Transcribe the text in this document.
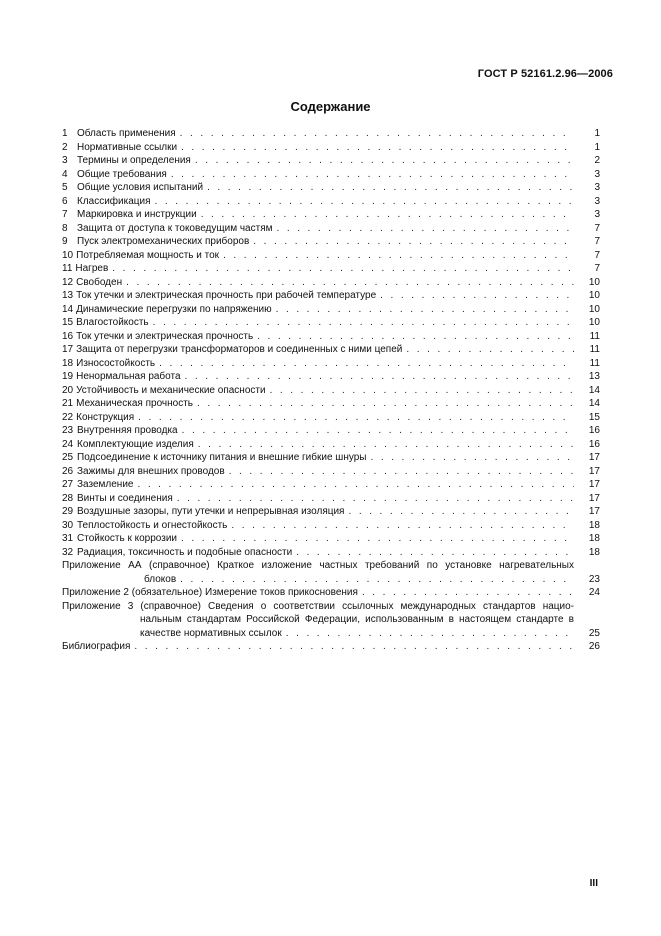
ГОСТ Р 52161.2.96—2006
Содержание
1 Область применения . . .	1
2 Нормативные ссылки . . .	1
3 Термины и определения . . .	2
4 Общие требования . . .	3
5 Общие условия испытаний . . .	3
6 Классификация . . .	3
7 Маркировка и инструкции . . .	3
8 Защита от доступа к токоведущим частям . . .	7
9 Пуск электромеханических приборов . . .	7
10 Потребляемая мощность и ток . . .	7
11 Нагрев . . .	7
12 Свободен . . .	10
13 Ток утечки и электрическая прочность при рабочей температуре . . .	10
14 Динамические перегрузки по напряжению . . .	10
15 Влагостойкость . . .	10
16 Ток утечки и электрическая прочность . . .	11
17 Защита от перегрузки трансформаторов и соединенных с ними цепей . . .	11
18 Износостойкость . . .	11
19 Ненормальная работа . . .	13
20 Устойчивость и механические опасности . . .	14
21 Механическая прочность . . .	14
22 Конструкция . . .	15
23 Внутренняя проводка . . .	16
24 Комплектующие изделия . . .	16
25 Подсоединение к источнику питания и внешние гибкие шнуры . . .	17
26 Зажимы для внешних проводов . . .	17
27 Заземление . . .	17
28 Винты и соединения . . .	17
29 Воздушные зазоры, пути утечки и непрерывная изоляция . . .	17
30 Теплостойкость и огнестойкость . . .	18
31 Стойкость к коррозии . . .	18
32 Радиация, токсичность и подобные опасности . . .	18
Приложение АА (справочное) Краткое изложение частных требований по установке нагревательных
блоков . . .	23
Приложение 2 (обязательное) Измерение токов прикосновения . . .	24
Приложение 3 (справочное) Сведения о соответствии ссылочных международных стандартов нацио-
нальным стандартам Российской Федерации, использованным в настоящем стандарте в
качестве нормативных ссылок . . .	25
Библиография . . .	26
III
